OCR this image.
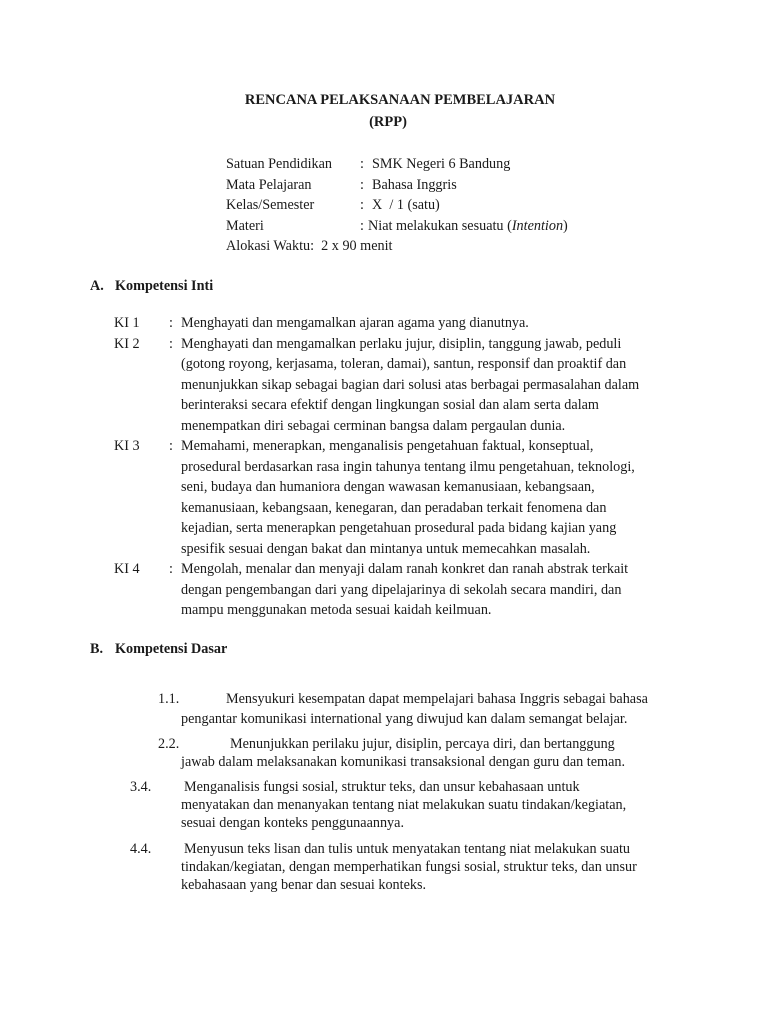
RENCANA PELAKSANAAN PEMBELAJARAN
(RPP)
Satuan Pendidikan : SMK Negeri 6 Bandung
Mata Pelajaran	: Bahasa Inggris
Kelas/Semester	: X  / 1 (satu)
Materi	: Niat melakukan sesuatu (Intention)
Alokasi Waktu: 2 x 90 menit
A. Kompetensi Inti
KI 1 : Menghayati dan mengamalkan ajaran agama yang dianutnya.
KI 2 : Menghayati dan mengamalkan perlaku jujur, disiplin, tanggung jawab, peduli
(gotong royong, kerjasama, toleran, damai), santun, responsif dan proaktif dan
menunjukkan sikap sebagai bagian dari solusi atas berbagai permasalahan dalam
berinteraksi secara efektif dengan lingkungan sosial dan alam serta dalam
menempatkan diri sebagai cerminan bangsa dalam pergaulan dunia.
KI 3 : Memahami, menerapkan, menganalisis pengetahuan faktual, konseptual,
prosedural berdasarkan rasa ingin tahunya tentang ilmu pengetahuan, teknologi,
seni, budaya dan humaniora dengan wawasan kemanusiaan, kebangsaan,
kemanusiaan, kebangsaan, kenegaran, dan peradaban terkait fenomena dan
kejadian, serta menerapkan pengetahuan prosedural pada bidang kajian yang
spesifik sesuai dengan bakat dan mintanya untuk memecahkan masalah.
KI 4 : Mengolah, menalar dan menyaji dalam ranah konkret dan ranah abstrak terkait
dengan pengembangan dari yang dipelajarinya di sekolah secara mandiri, dan
mampu menggunakan metoda sesuai kaidah keilmuan.
B. Kompetensi Dasar
1.1.	Mensyukuri kesempatan dapat mempelajari bahasa Inggris sebagai bahasa
pengantar komunikasi international yang diwujud kan dalam semangat belajar.
2.2.	Menunjukkan perilaku jujur, disiplin, percaya diri, dan bertanggung
jawab dalam melaksanakan komunikasi transaksional dengan guru dan teman.
3.4. Menganalisis fungsi sosial, struktur teks, dan unsur kebahasaan untuk
menyatakan dan menanyakan tentang niat melakukan suatu tindakan/kegiatan,
sesuai dengan konteks penggunaannya.
4.4. Menyusun teks lisan dan tulis untuk menyatakan tentang niat melakukan suatu
tindakan/kegiatan, dengan memperhatikan fungsi sosial, struktur teks, dan unsur
kebahasaan yang benar dan sesuai konteks.
